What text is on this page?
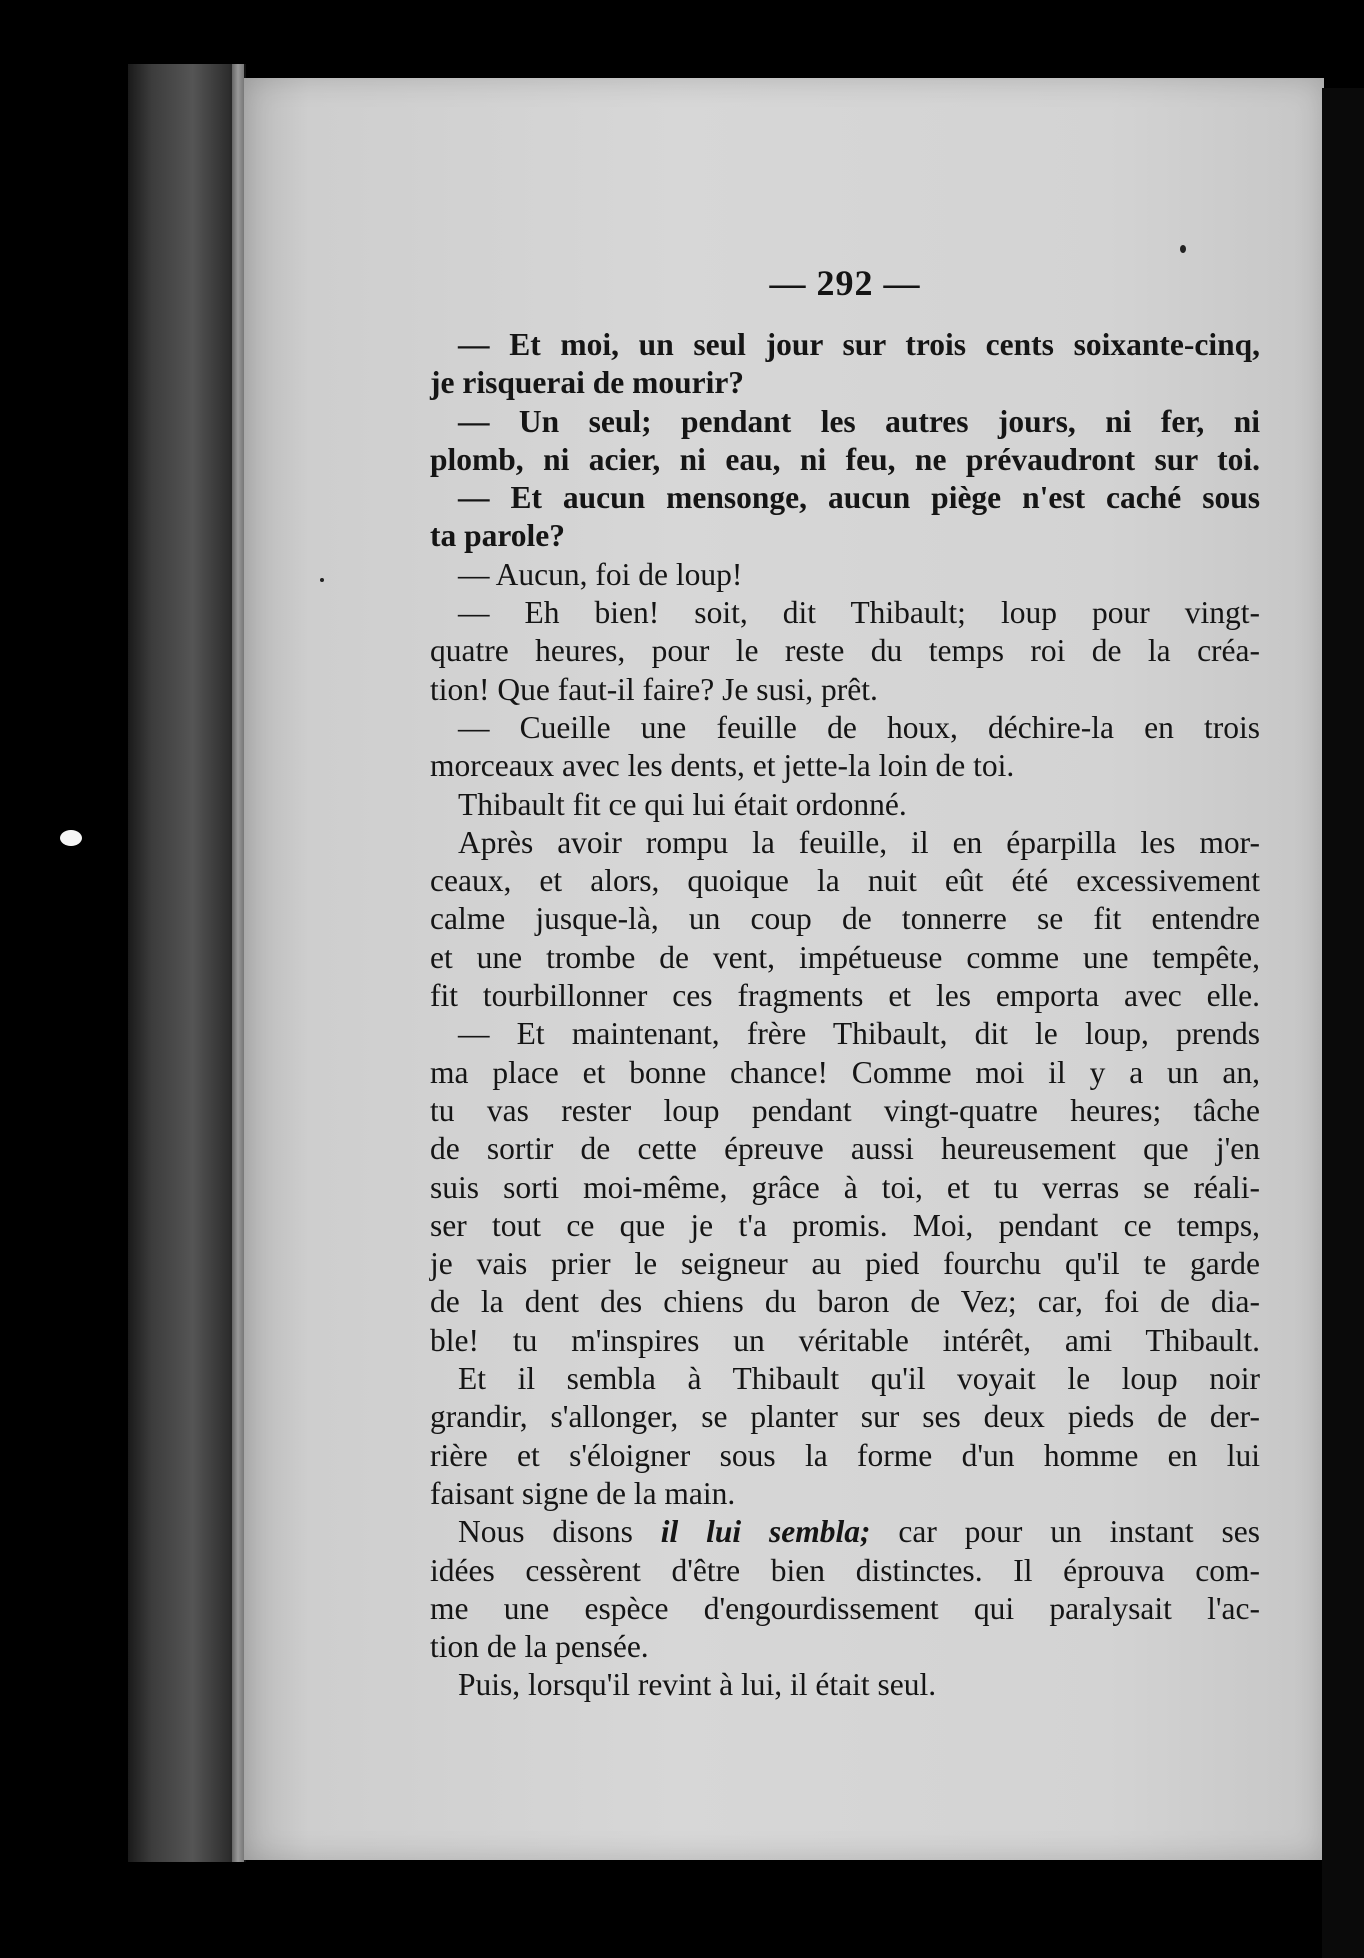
— 292 —
— Et moi, un seul jour sur trois cents soixante-cinq,
je risquerai de mourir?
— Un seul; pendant les autres jours, ni fer, ni
plomb, ni acier, ni eau, ni feu, ne prévaudront sur toi.
— Et aucun mensonge, aucun piège n'est caché sous
ta parole?
— Aucun, foi de loup!
— Eh bien! soit, dit Thibault; loup pour vingt-
quatre heures, pour le reste du temps roi de la créa-
tion! Que faut-il faire? Je susi, prêt.
— Cueille une feuille de houx, déchire-la en trois
morceaux avec les dents, et jette-la loin de toi.
Thibault fit ce qui lui était ordonné.
Après avoir rompu la feuille, il en éparpilla les mor-
ceaux, et alors, quoique la nuit eût été excessivement
calme jusque-là, un coup de tonnerre se fit entendre
et une trombe de vent, impétueuse comme une tempête,
fit tourbillonner ces fragments et les emporta avec elle.
— Et maintenant, frère Thibault, dit le loup, prends
ma place et bonne chance! Comme moi il y a un an,
tu vas rester loup pendant vingt-quatre heures; tâche
de sortir de cette épreuve aussi heureusement que j'en
suis sorti moi-même, grâce à toi, et tu verras se réali-
ser tout ce que je t'a promis. Moi, pendant ce temps,
je vais prier le seigneur au pied fourchu qu'il te garde
de la dent des chiens du baron de Vez; car, foi de dia-
ble! tu m'inspires un véritable intérêt, ami Thibault.
Et il sembla à Thibault qu'il voyait le loup noir
grandir, s'allonger, se planter sur ses deux pieds de der-
rière et s'éloigner sous la forme d'un homme en lui
faisant signe de la main.
Nous disons il lui sembla; car pour un instant ses
idées cessèrent d'être bien distinctes. Il éprouva com-
me une espèce d'engourdissement qui paralysait l'ac-
tion de la pensée.
Puis, lorsqu'il revint à lui, il était seul.
